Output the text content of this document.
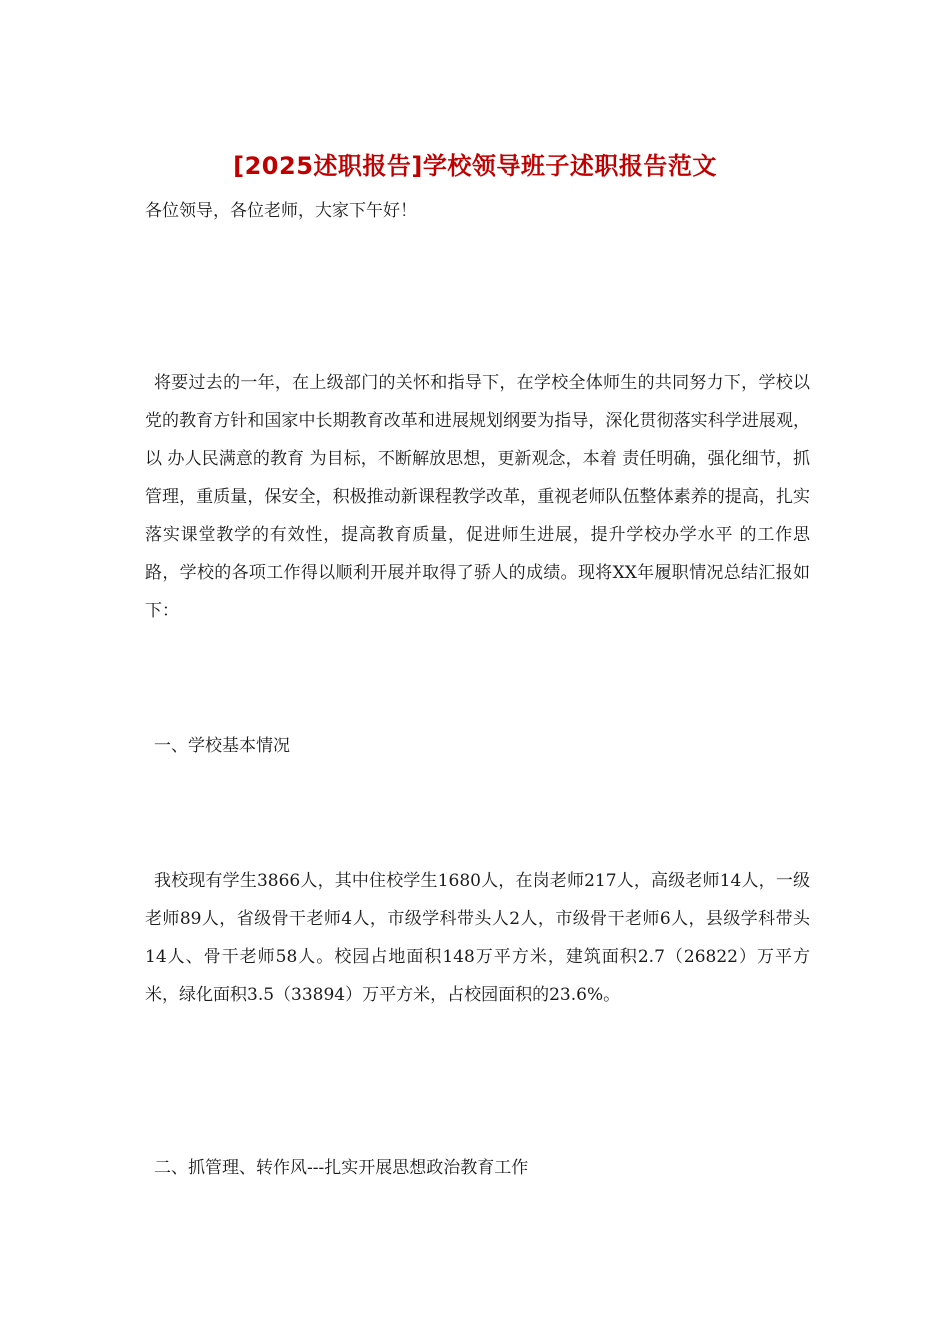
[2025述职报告]学校领导班子述职报告范文
各位领导，各位老师，大家下午好！

将要过去的一年，在上级部门的关怀和指导下，在学校全体师生的共同努力下，学校以党的教育方针和国家中长期教育改革和进展规划纲要为指导，深化贯彻落实科学进展观，以 办人民满意的教育 为目标，不断解放思想，更新观念，本着 责任明确，强化细节，抓管理，重质量，保安全，积极推动新课程教学改革，重视老师队伍整体素养的提高，扎实落实课堂教学的有效性，提高教育质量，促进师生进展，提升学校办学水平 的工作思路，学校的各项工作得以顺利开展并取得了骄人的成绩。现将XX年履职情况总结汇报如下：

一、学校基本情况

我校现有学生3866人，其中住校学生1680人，在岗老师217人，高级老师14人，一级老师89人，省级骨干老师4人，市级学科带头人2人，市级骨干老师6人，县级学科带头14人、骨干老师58人。校园占地面积148万平方米，建筑面积2.7（26822）万平方米，绿化面积3.5（33894）万平方米，占校园面积的23.6%。

二、抓管理、转作风---扎实开展思想政治教育工作
